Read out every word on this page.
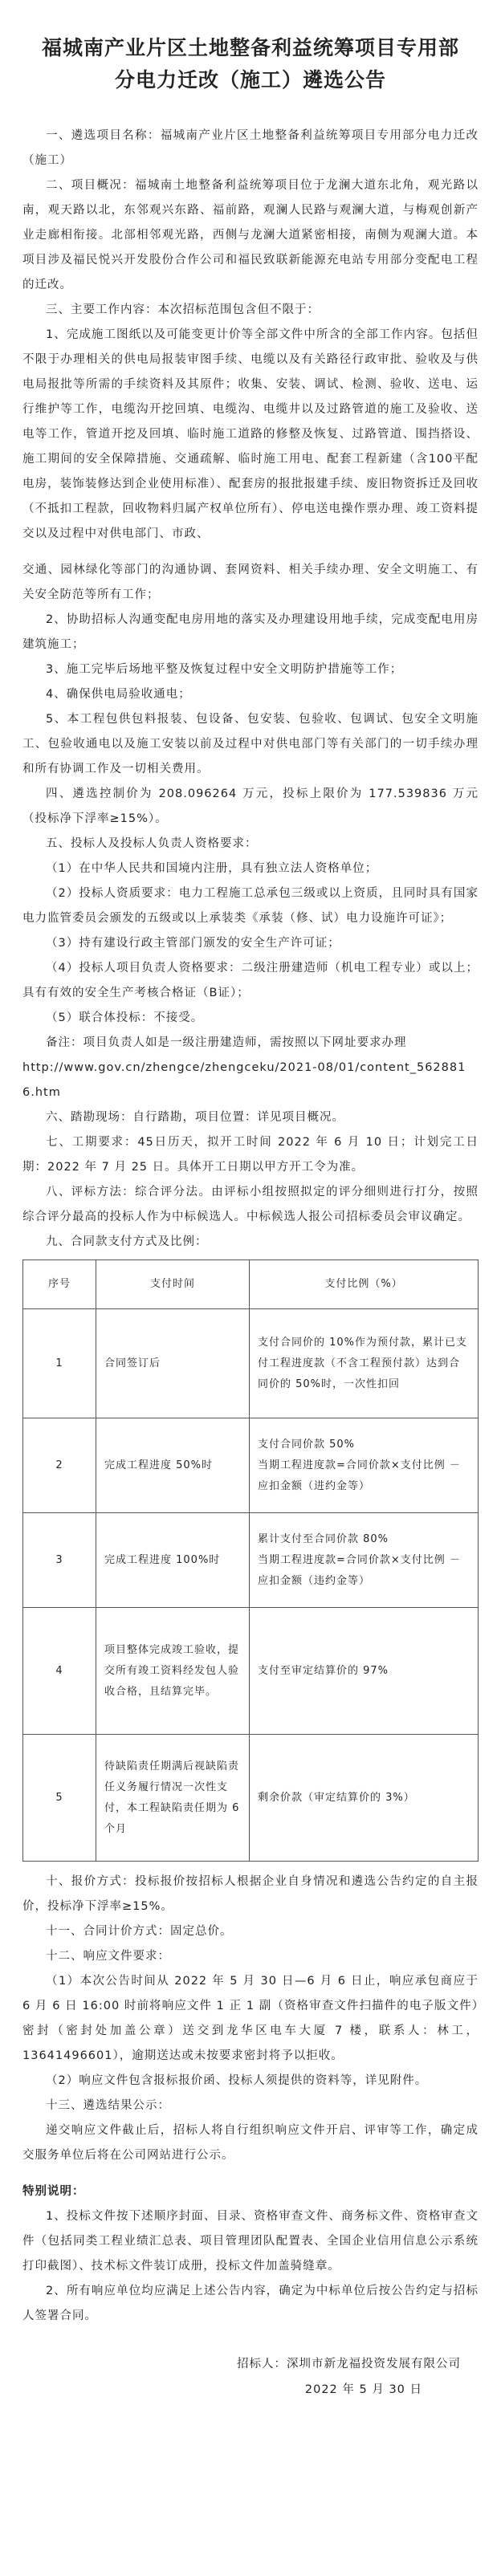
福城南产业片区土地整备利益统筹项目专用部分电力迁改（施工）遴选公告

一、遴选项目名称：福城南产业片区土地整备利益统筹项目专用部分电力迁改（施工）

二、项目概况：福城南土地整备利益统筹项目位于龙澜大道东北角，观光路以南，观天路以北，东邻观兴东路、福前路，观澜人民路与观澜大道，与梅观创新产业走廊相衔接。北部相邻观光路，西侧与龙澜大道紧密相接，南侧为观澜大道。本项目涉及福民悦兴开发股份合作公司和福民致联新能源充电站专用部分变配电工程的迁改。

三、主要工作内容：本次招标范围包含但不限于：

1、完成施工图纸以及可能变更计价等全部文件中所含的全部工作内容。包括但不限于办理相关的供电局报装审图手续、电缆以及有关路径行政审批、验收及与供电局报批等所需的手续资料及其原件；收集、安装、调试、检测、验收、送电、运行维护等工作，电缆沟开挖回填、电缆沟、电缆井以及过路管道的施工及验收、送电等工作，管道开挖及回填、临时施工道路的修整及恢复、过路管道、围挡搭设、施工期间的安全保障措施、交通疏解、临时施工用电、配套工程新建（含100平配电房，装饰装修达到企业使用标准）、配套房的报批报建手续、废旧物资拆迁及回收（不抵扣工程款，回收物料归属产权单位所有）、停电送电操作票办理、竣工资料提交以及过程中对供电部门、市政、

交通、园林绿化等部门的沟通协调、套网资料、相关手续办理、安全文明施工、有关安全防范等所有工作；

2、协助招标人沟通变配电房用地的落实及办理建设用地手续，完成变配电用房建筑施工；

3、施工完毕后场地平整及恢复过程中安全文明防护措施等工作；

4、确保供电局验收通电；

5、本工程包供包料报装、包设备、包安装、包验收、包调试、包安全文明施工、包验收通电以及施工安装以前及过程中对供电部门等有关部门的一切手续办理和所有协调工作及一切相关费用。

四、遴选控制价为 208.096264 万元，投标上限价为 177.539836 万元（投标净下浮率≥15%）。

五、投标人及投标人负责人资格要求：

（1）在中华人民共和国境内注册，具有独立法人资格单位；

（2）投标人资质要求：电力工程施工总承包三级或以上资质，且同时具有国家电力监管委员会颁发的五级或以上承装类《承装（修、试）电力设施许可证》；

（3）持有建设行政主管部门颁发的安全生产许可证；

（4）投标人项目负责人资格要求：二级注册建造师（机电工程专业）或以上；具有有效的安全生产考核合格证（B证）；

（5）联合体投标：不接受。

备注：项目负责人如是一级注册建造师，需按照以下网址要求办理

http://www.gov.cn/zhengce/zhengceku/2021-08/01/content_5628816.htm

六、踏勘现场：自行踏勘，项目位置：详见项目概况。

七、工期要求：45日历天，拟开工时间 2022 年 6 月 10 日；计划完工日期：2022 年 7 月 25 日。具体开工日期以甲方开工令为准。

八、评标方法：综合评分法。由评标小组按照拟定的评分细则进行打分，按照综合评分最高的投标人作为中标候选人。中标候选人报公司招标委员会审议确定。

九、合同款支付方式及比例：

序号	支付时间	支付比例（%）
1	合同签订后	支付合同价的 10%作为预付款，累计已支付工程进度款（不含工程预付款）达到合同价的 50%时，一次性扣回
2	完成工程进度 50%时	支付合同价款 50%
当期工程进度款=合同价款×支付比例 － 应扣金额（进约金等）
3	完成工程进度 100%时	累计支付至合同价款 80%
当期工程进度款=合同价款×支付比例 － 应扣金额（违约金等）
4	项目整体完成竣工验收，提交所有竣工资料经发包人验收合格，且结算完毕。	支付至审定结算价的 97%
5	待缺陷责任期满后视缺陷责任义务履行情况一次性支付，本工程缺陷责任期为 6 个月	剩余价款（审定结算价的 3%）

十、报价方式：投标报价按招标人根据企业自身情况和遴选公告约定的自主报价，投标净下浮率≥15%。

十一、合同计价方式：固定总价。

十二、响应文件要求：

（1）本次公告时间从 2022 年 5 月 30 日—6 月 6 日止，响应承包商应于 6 月 6 日 16:00 时前将响应文件 1 正 1 副（资格审查文件扫描件的电子版文件）密封（密封处加盖公章）送交到龙华区电车大厦 7 楼，联系人：林工，13641496601），逾期送达或未按要求密封将予以拒收。

（2）响应文件包含报标报价函、投标人须提供的资料等，详见附件。

十三、遴选结果公示：

递交响应文件截止后，招标人将自行组织响应文件开启、评审等工作，确定成交服务单位后将在公司网站进行公示。

特别说明：

1、投标文件按下述顺序封面、目录、资格审查文件、商务标文件、资格审查文件（包括同类工程业绩汇总表、项目管理团队配置表、全国企业信用信息公示系统打印截图）、技术标文件装订成册，投标文件加盖骑缝章。

2、所有响应单位均应满足上述公告内容，确定为中标单位后按公告约定与招标人签署合同。

招标人：深圳市新龙福投资发展有限公司

2022 年 5 月 30 日
